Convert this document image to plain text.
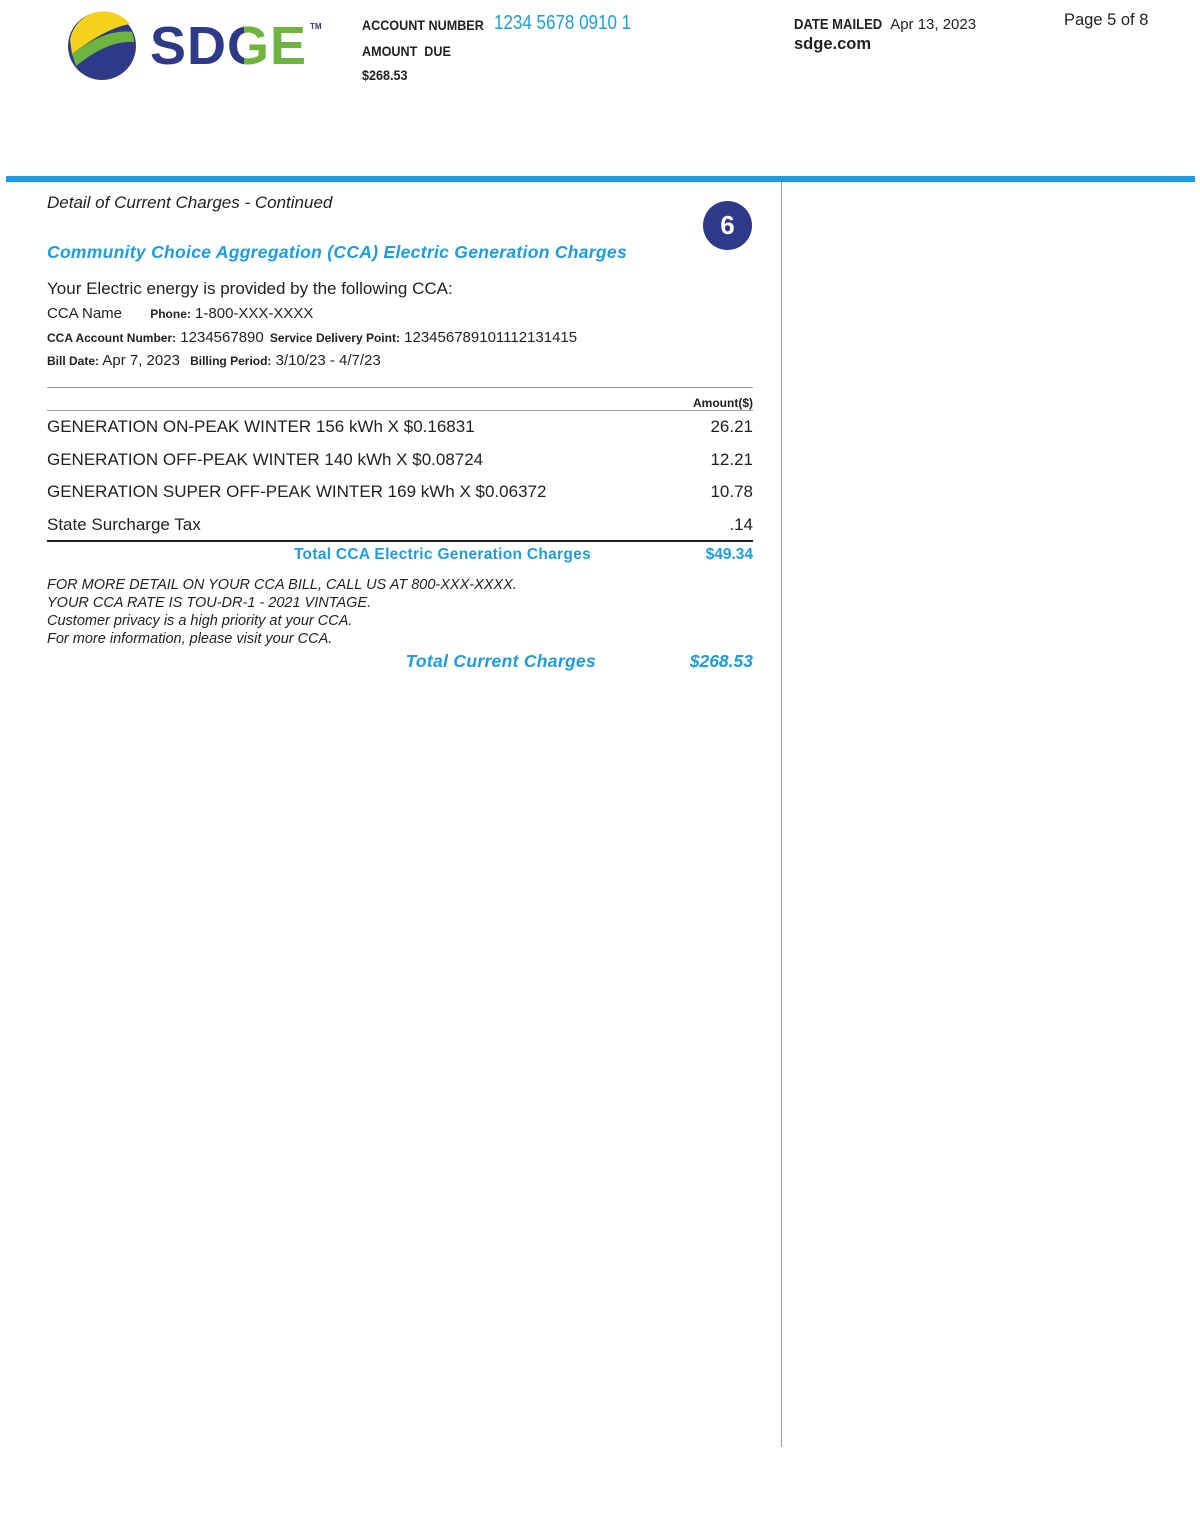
SDGE TM	ACCOUNT NUMBER 1234 5678 0910 1
AMOUNT  DUE
$268.53
DATE MAILED Apr 13, 2023
sdge.com
Page 5 of 8
Detail of Current Charges - Continued
6
Community Choice Aggregation (CCA) Electric Generation Charges
Your Electric energy is provided by the following CCA:
CCA Name Phone: 1-800-XXX-XXXX
CCA Account Number: 1234567890 Service Delivery Point: 12345678910111213141​5
Bill Date: Apr 7, 2023 Billing Period: 3/10/23 - 4/7/23
Amount($)
GENERATION ON-PEAK WINTER 156 kWh X $0.16831	26.21
GENERATION OFF-PEAK WINTER 140 kWh X $0.08724	12.21
GENERATION SUPER OFF-PEAK WINTER 169 kWh X $0.06372	10.78
State Surcharge Tax	.14
Total CCA Electric Generation Charges	$49.34
FOR MORE DETAIL ON YOUR CCA BILL, CALL US AT 800-XXX-XXXX.
YOUR CCA RATE IS TOU-DR-1 - 2021 VINTAGE.
Customer privacy is a high priority at your CCA.
For more information, please visit your CCA.
Total Current Charges	$268.53
